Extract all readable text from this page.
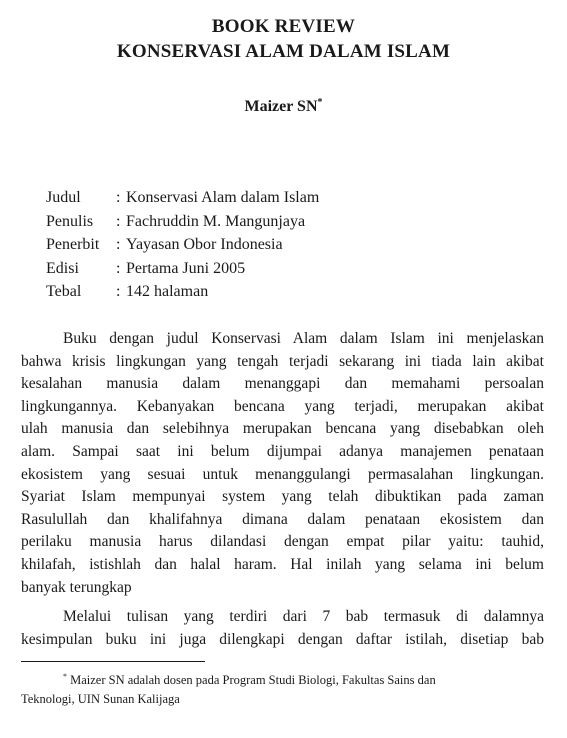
BOOK REVIEW
KONSERVASI ALAM DALAM ISLAM
Maizer SN*
Judul	: Konservasi Alam dalam Islam
Penulis	: Fachruddin M. Mangunjaya
Penerbit	: Yayasan Obor Indonesia
Edisi	: Pertama Juni 2005
Tebal	: 142 halaman
Buku dengan judul Konservasi Alam dalam Islam ini menjelaskan
bahwa krisis lingkungan yang tengah terjadi sekarang ini tiada lain akibat
kesalahan manusia dalam menanggapi dan memahami persoalan
lingkungannya. Kebanyakan bencana yang terjadi, merupakan akibat
ulah manusia dan selebihnya merupakan bencana yang disebabkan oleh
alam. Sampai saat ini belum dijumpai adanya manajemen penataan
ekosistem yang sesuai untuk menanggulangi permasalahan lingkungan.
Syariat Islam mempunyai system yang telah dibuktikan pada zaman
Rasulullah dan khalifahnya dimana dalam penataan ekosistem dan
perilaku manusia harus dilandasi dengan empat pilar yaitu: tauhid,
khilafah, istishlah dan halal haram. Hal inilah yang selama ini belum
banyak terungkap
Melalui tulisan yang terdiri dari 7 bab termasuk di dalamnya
kesimpulan buku ini juga dilengkapi dengan daftar istilah, disetiap bab
* Maizer SN adalah dosen pada Program Studi Biologi, Fakultas Sains dan
Teknologi, UIN Sunan Kalijaga
